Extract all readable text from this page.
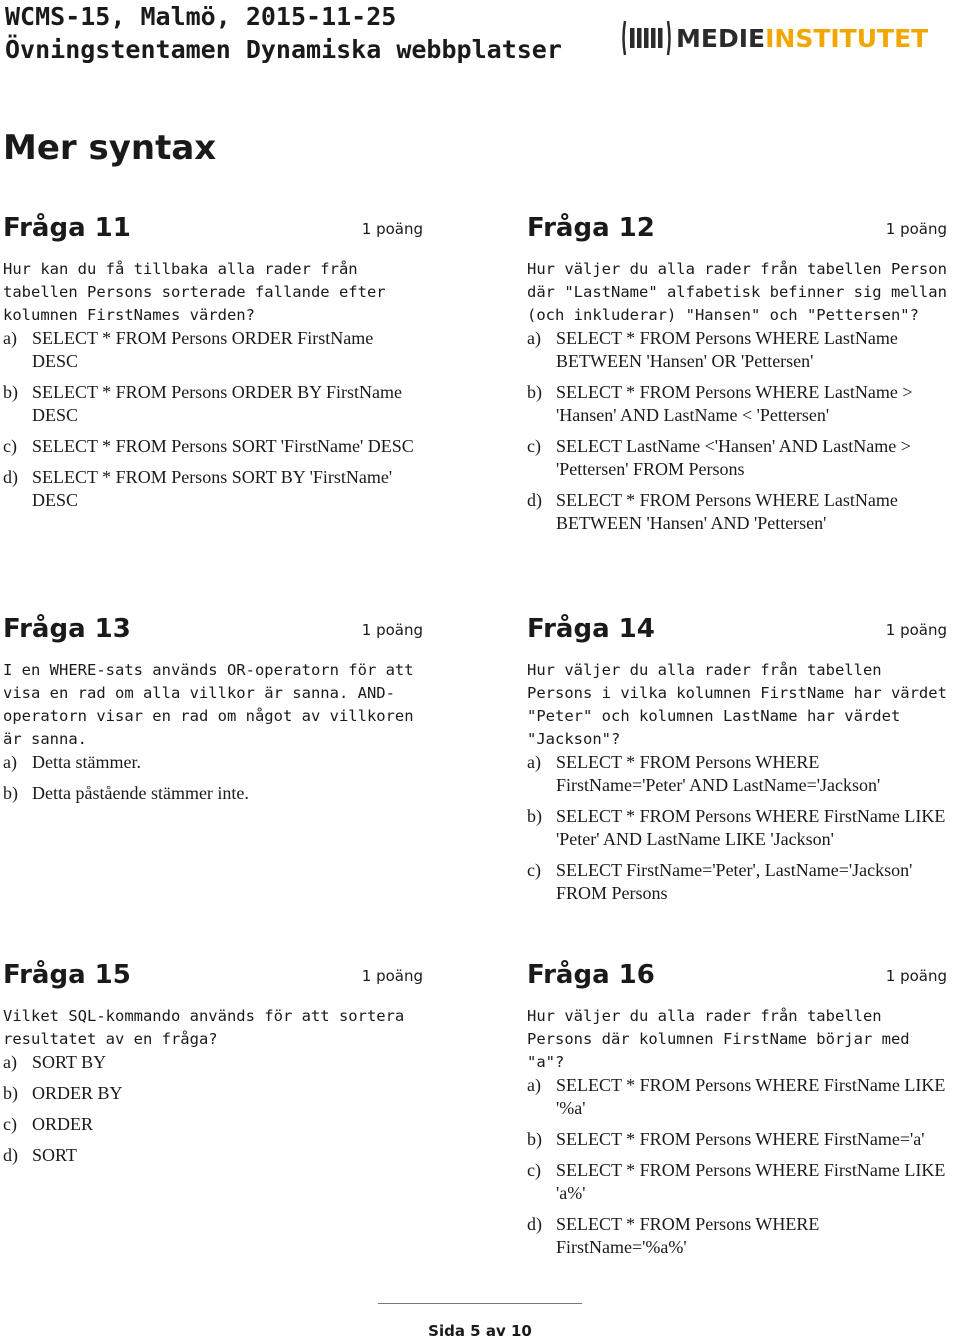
WCMS-15, Malmö, 2015-11-25
Övningstentamen Dynamiska webbplatser	MEDIEINSTITUTET
Mer syntax
Fråga 11	1 poäng
Hur kan du få tillbaka alla rader från tabellen Persons sorterade fallande efter kolumnen FirstNames värden?
a) SELECT * FROM Persons ORDER FirstName DESC
b) SELECT * FROM Persons ORDER BY FirstName DESC
c) SELECT * FROM Persons SORT 'FirstName' DESC
d) SELECT * FROM Persons SORT BY 'FirstName' DESC
Fråga 12	1 poäng
Hur väljer du alla rader från tabellen Person där "LastName" alfabetisk befinner sig mellan (och inkluderar) "Hansen" och "Pettersen"?
a) SELECT * FROM Persons WHERE LastName BETWEEN 'Hansen' OR 'Pettersen'
b) SELECT * FROM Persons WHERE LastName > 'Hansen' AND LastName < 'Pettersen'
c) SELECT LastName <'Hansen' AND LastName > 'Pettersen' FROM Persons
d) SELECT * FROM Persons WHERE LastName BETWEEN 'Hansen' AND 'Pettersen'
Fråga 13	1 poäng
I en WHERE-sats används OR-operatorn för att visa en rad om alla villkor är sanna. AND-operatorn visar en rad om något av villkoren är sanna.
a) Detta stämmer.
b) Detta påstående stämmer inte.
Fråga 14	1 poäng
Hur väljer du alla rader från tabellen Persons i vilka kolumnen FirstName har värdet "Peter" och kolumnen LastName har värdet "Jackson"?
a) SELECT * FROM Persons WHERE FirstName='Peter' AND LastName='Jackson'
b) SELECT * FROM Persons WHERE FirstName LIKE 'Peter' AND LastName LIKE 'Jackson'
c) SELECT FirstName='Peter', LastName='Jackson' FROM Persons
Fråga 15	1 poäng
Vilket SQL-kommando används för att sortera resultatet av en fråga?
a) SORT BY
b) ORDER BY
c) ORDER
d) SORT
Fråga 16	1 poäng
Hur väljer du alla rader från tabellen Persons där kolumnen FirstName börjar med "a"?
a) SELECT * FROM Persons WHERE FirstName LIKE '%a'
b) SELECT * FROM Persons WHERE FirstName='a'
c) SELECT * FROM Persons WHERE FirstName LIKE 'a%'
d) SELECT * FROM Persons WHERE FirstName='%a%'
Sida 5 av 10
